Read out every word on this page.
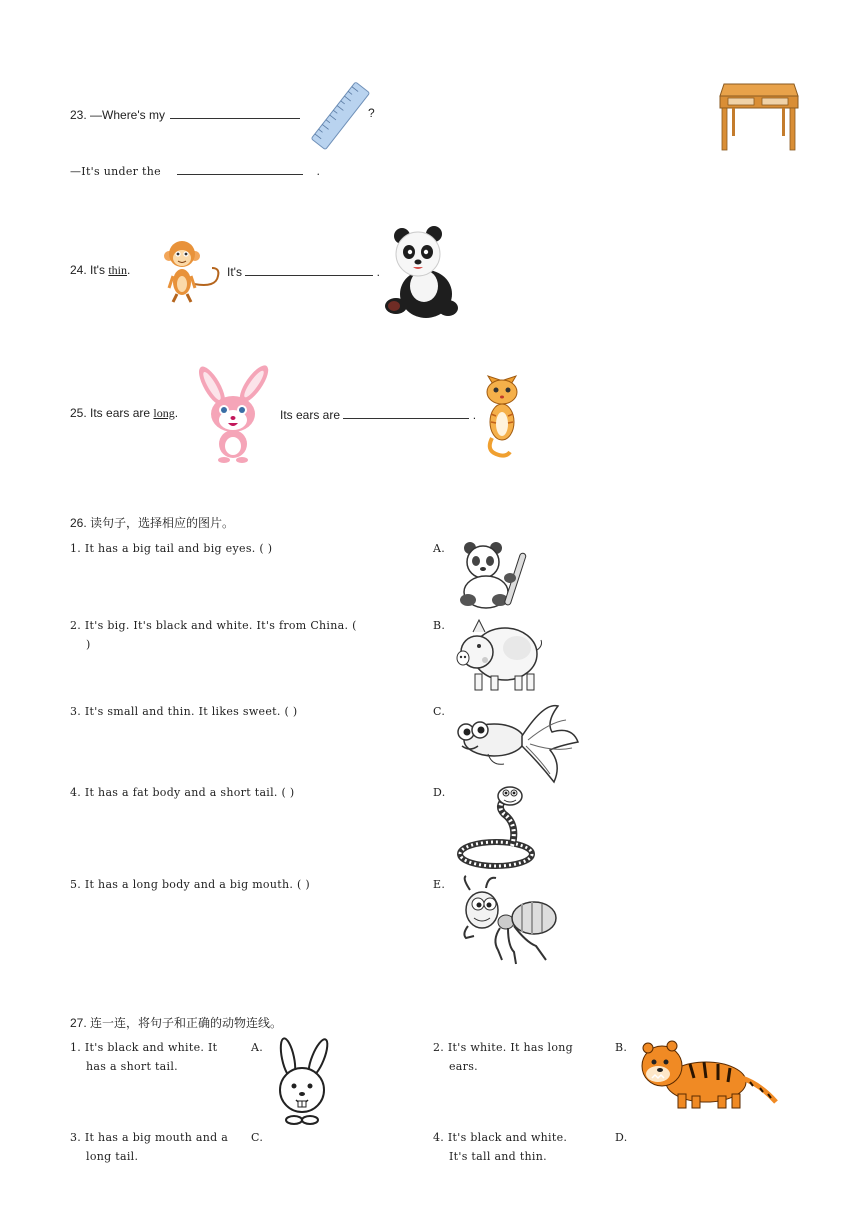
23. —Where's my	?
—It's under the	.
24. It's thin.	It's	.
25. Its ears are long.	Its ears are	.
26. 读句子，选择相应的图片。
1. It has a big tail and big eyes. ( )
2. It's big. It's black and white. It's from China. (
)
3. It's small and thin. It likes sweet. ( )
4. It has a fat body and a short tail. ( )
5. It has a long body and a big mouth. ( )
A.
B.
C.
D.
E.
27. 连一连，将句子和正确的动物连线。
1. It's black and white. It
has a short tail.
A.	2. It's white. It has long
ears.
B.
3. It has a big mouth and a
long tail.
C.	4. It's black and white.
It's tall and thin.
D.
